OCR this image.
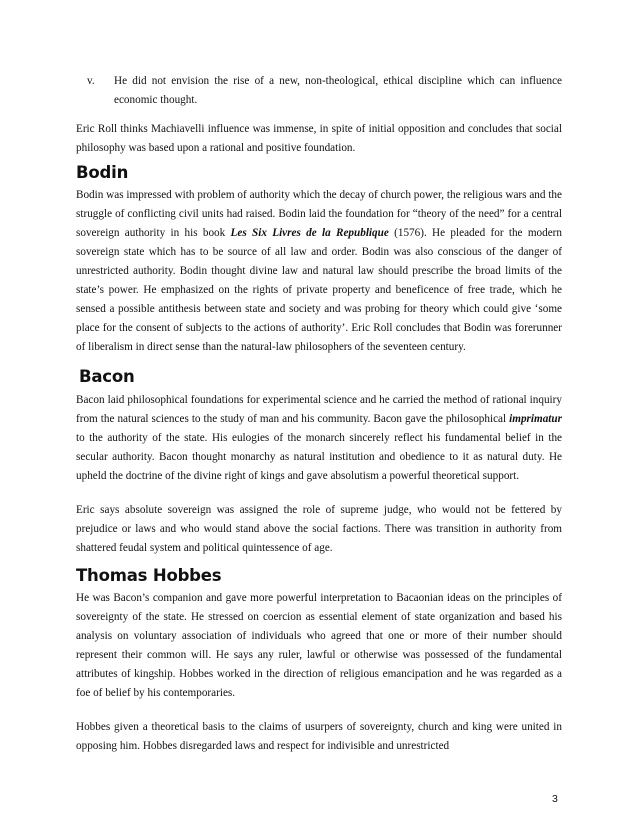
v. He did not envision the rise of a new, non-theological, ethical discipline which can influence economic thought.

Eric Roll thinks Machiavelli influence was immense, in spite of initial opposition and concludes that social philosophy was based upon a rational and positive foundation.

Bodin

Bodin was impressed with problem of authority which the decay of church power, the religious wars and the struggle of conflicting civil units had raised. Bodin laid the foundation for “theory of the need” for a central sovereign authority in his book Les Six Livres de la Republique (1576). He pleaded for the modern sovereign state which has to be source of all law and order. Bodin was also conscious of the danger of unrestricted authority. Bodin thought divine law and natural law should prescribe the broad limits of the state’s power. He emphasized on the rights of private property and beneficence of free trade, which he sensed a possible antithesis between state and society and was probing for theory which could give ‘some place for the consent of subjects to the actions of authority’. Eric Roll concludes that Bodin was forerunner of liberalism in direct sense than the natural-law philosophers of the seventeen century.

Bacon

Bacon laid philosophical foundations for experimental science and he carried the method of rational inquiry from the natural sciences to the study of man and his community. Bacon gave the philosophical imprimatur to the authority of the state. His eulogies of the monarch sincerely reflect his fundamental belief in the secular authority. Bacon thought monarchy as natural institution and obedience to it as natural duty. He upheld the doctrine of the divine right of kings and gave absolutism a powerful theoretical support.

Eric says absolute sovereign was assigned the role of supreme judge, who would not be fettered by prejudice or laws and who would stand above the social factions. There was transition in authority from shattered feudal system and political quintessence of age.

Thomas Hobbes

He was Bacon’s companion and gave more powerful interpretation to Bacaonian ideas on the principles of sovereignty of the state. He stressed on coercion as essential element of state organization and based his analysis on voluntary association of individuals who agreed that one or more of their number should represent their common will. He says any ruler, lawful or otherwise was possessed of the fundamental attributes of kingship. Hobbes worked in the direction of religious emancipation and he was regarded as a foe of belief by his contemporaries.

Hobbes given a theoretical basis to the claims of usurpers of sovereignty, church and king were united in opposing him. Hobbes disregarded laws and respect for indivisible and unrestricted

3
